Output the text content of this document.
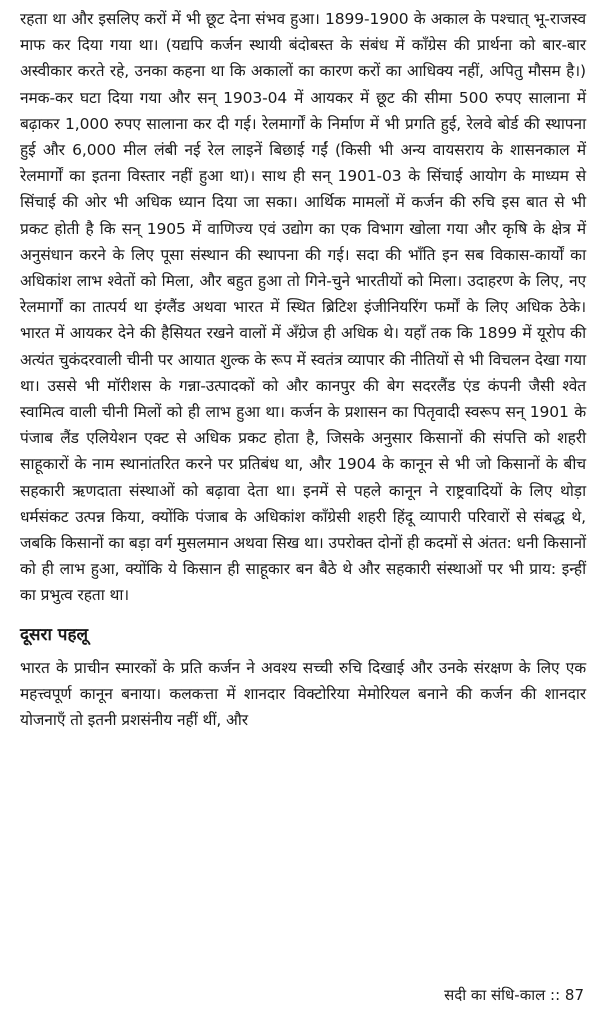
रहता था और इसलिए करों में भी छूट देना संभव हुआ। 1899-1900 के अकाल के पश्चात् भू-राजस्व माफ कर दिया गया था। (यद्यपि कर्जन स्थायी बंदोबस्त के संबंध में काँग्रेस की प्रार्थना को बार-बार अस्वीकार करते रहे, उनका कहना था कि अकालों का कारण करों का आधिक्य नहीं, अपितु मौसम है।) नमक-कर घटा दिया गया और सन् 1903-04 में आयकर में छूट की सीमा 500 रुपए सालाना में बढ़ाकर 1,000 रुपए सालाना कर दी गई। रेलमार्गों के निर्माण में भी प्रगति हुई, रेलवे बोर्ड की स्थापना हुई और 6,000 मील लंबी नई रेल लाइनें बिछाई गईं (किसी भी अन्य वायसराय के शासनकाल में रेलमार्गों का इतना विस्तार नहीं हुआ था)। साथ ही सन् 1901-03 के सिंचाई आयोग के माध्यम से सिंचाई की ओर भी अधिक ध्यान दिया जा सका। आर्थिक मामलों में कर्जन की रुचि इस बात से भी प्रकट होती है कि सन् 1905 में वाणिज्य एवं उद्योग का एक विभाग खोला गया और कृषि के क्षेत्र में अनुसंधान करने के लिए पूसा संस्थान की स्थापना की गई। सदा की भाँति इन सब विकास-कार्यों का अधिकांश लाभ श्वेतों को मिला, और बहुत हुआ तो गिने-चुने भारतीयों को मिला। उदाहरण के लिए, नए रेलमार्गों का तात्पर्य था इंग्लैंड अथवा भारत में स्थित ब्रिटिश इंजीनियरिंग फर्मों के लिए अधिक ठेके। भारत में आयकर देने की हैसियत रखने वालों में अँग्रेज ही अधिक थे। यहाँ तक कि 1899 में यूरोप की अत्यंत चुकंदरवाली चीनी पर आयात शुल्क के रूप में स्वतंत्र व्यापार की नीतियों से भी विचलन देखा गया था। उससे भी मॉरीशस के गन्ना-उत्पादकों को और कानपुर की बेग सदरलैंड एंड कंपनी जैसी श्वेत स्वामित्व वाली चीनी मिलों को ही लाभ हुआ था। कर्जन के प्रशासन का पितृवादी स्वरूप सन् 1901 के पंजाब लैंड एलियेशन एक्ट से अधिक प्रकट होता है, जिसके अनुसार किसानों की संपत्ति को शहरी साहूकारों के नाम स्थानांतरित करने पर प्रतिबंध था, और 1904 के कानून से भी जो किसानों के बीच सहकारी ऋणदाता संस्थाओं को बढ़ावा देता था। इनमें से पहले कानून ने राष्ट्रवादियों के लिए थोड़ा धर्मसंकट उत्पन्न किया, क्योंकि पंजाब के अधिकांश काँग्रेसी शहरी हिंदू व्यापारी परिवारों से संबद्ध थे, जबकि किसानों का बड़ा वर्ग मुसलमान अथवा सिख था। उपरोक्त दोनों ही कदमों से अंतत: धनी किसानों को ही लाभ हुआ, क्योंकि ये किसान ही साहूकार बन बैठे थे और सहकारी संस्थाओं पर भी प्राय: इन्हीं का प्रभुत्व रहता था।

दूसरा पहलू

भारत के प्राचीन स्मारकों के प्रति कर्जन ने अवश्य सच्ची रुचि दिखाई और उनके संरक्षण के लिए एक महत्त्वपूर्ण कानून बनाया। कलकत्ता में शानदार विक्टोरिया मेमोरियल बनाने की कर्जन की शानदार योजनाएँ तो इतनी प्रशसंनीय नहीं थीं, और

सदी का संधि-काल :: 87
